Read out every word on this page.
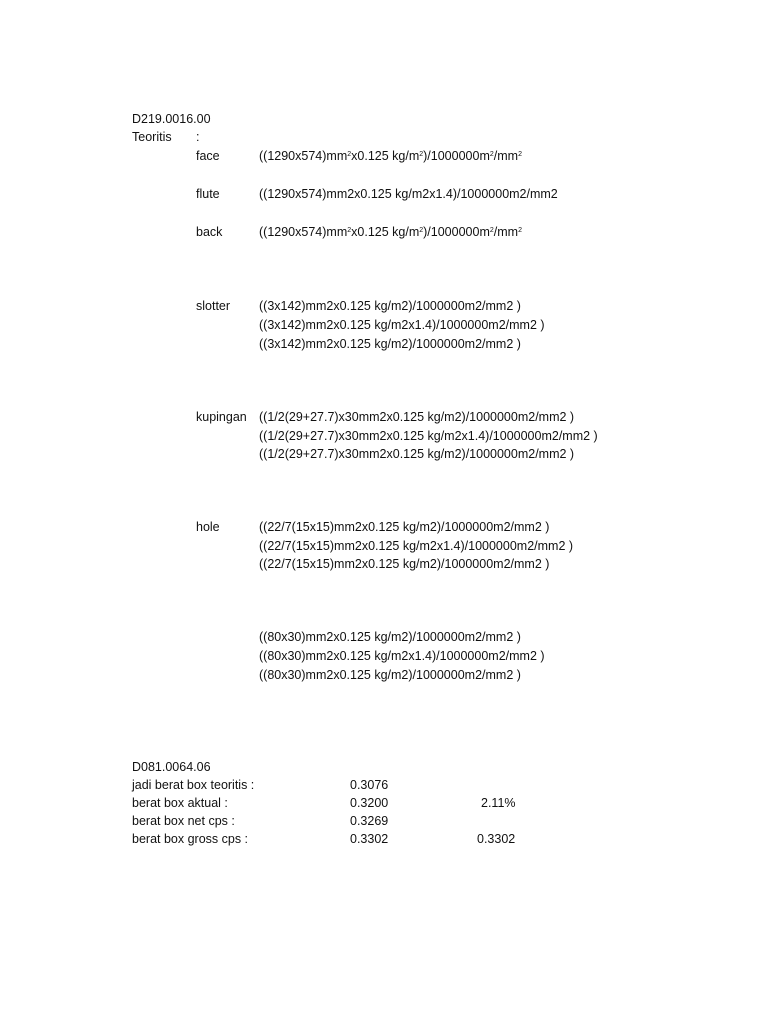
D219.0016.00
Teoritis :
face	($(1290x574)mm^2x0.125$ $kg/m^2)/1000000m^2/mm^2$
flute	((1290x574)mm2x0.125 kg/m2x1.4)/1000000m2/mm2
back	($(1290x574)mm^2x0.125$ $kg/m^2)/1000000m^2/mm^2$
slotter ((3x142)mm2x0.125 kg/m2)/1000000m2/mm2 )
((3x142)mm2x0.125 kg/m2x1.4)/1000000m2/mm2 )
((3x142)mm2x0.125 kg/m2)/1000000m2/mm2 )
kupingan ((1/2(29+27.7)x30mm2x0.125 kg/m2)/1000000m2/mm2 )
((1/2(29+27.7)x30mm2x0.125 kg/m2x1.4)/1000000m2/mm2 )
((1/2(29+27.7)x30mm2x0.125 kg/m2)/1000000m2/mm2 )
hole	((22/7(15x15)mm2x0.125 kg/m2)/1000000m2/mm2 )
((22/7(15x15)mm2x0.125 kg/m2x1.4)/1000000m2/mm2 )
((22/7(15x15)mm2x0.125 kg/m2)/1000000m2/mm2 )
((80x30)mm2x0.125 kg/m2)/1000000m2/mm2 )
((80x30)mm2x0.125 kg/m2x1.4)/1000000m2/mm2 )
((80x30)mm2x0.125 kg/m2)/1000000m2/mm2 )
D081.0064.06
jadi berat box teoritis :	0.3076
berat box aktual :	0.3200	2.11%
berat box net cps :	0.3269
berat box gross cps :	0.3302	0.3302
